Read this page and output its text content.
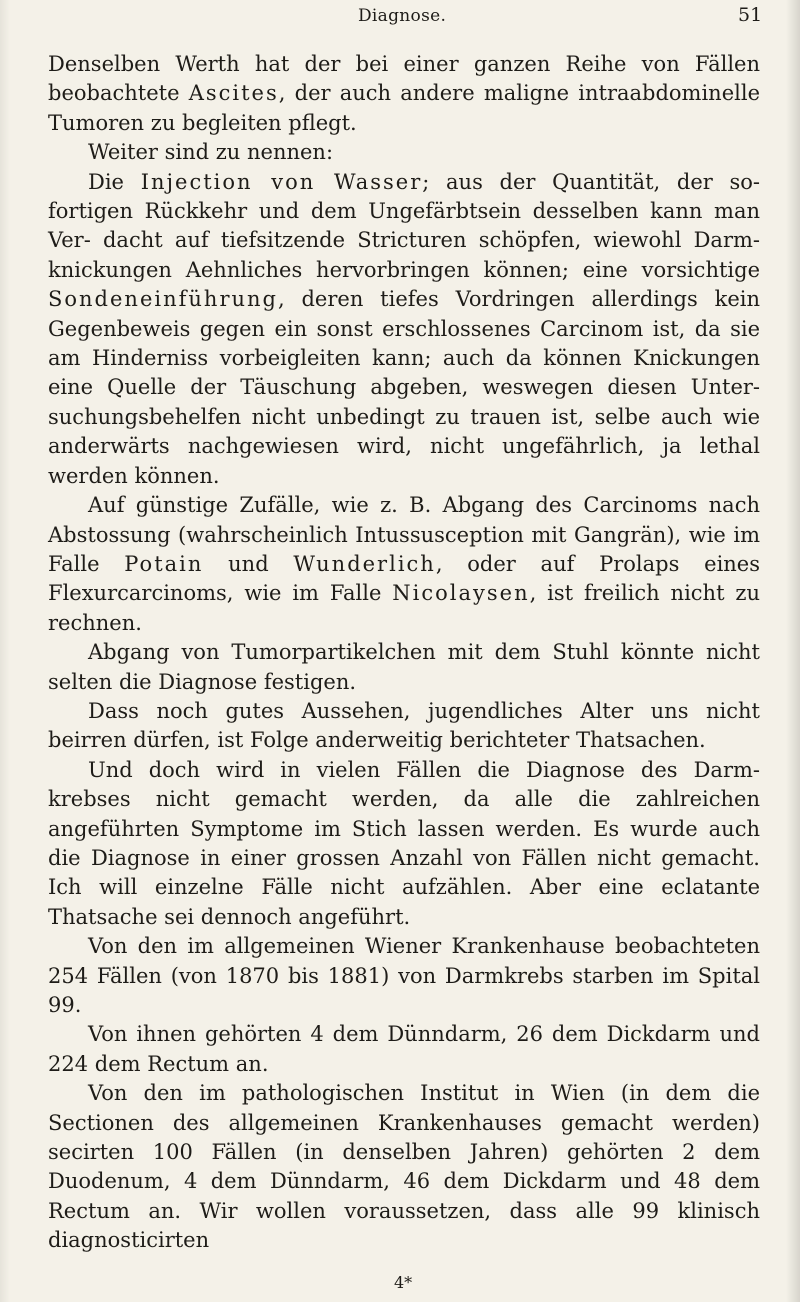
Diagnose.	51

Denselben Werth hat der bei einer ganzen Reihe von Fällen beobachtete Ascites, der auch andere maligne intraabdominelle Tumoren zu begleiten pflegt.

Weiter sind zu nennen:

Die Injection von Wasser; aus der Quantität, der so- fortigen Rückkehr und dem Ungefärbtsein desselben kann man Ver- dacht auf tiefsitzende Stricturen schöpfen, wiewohl Darm- knickungen Aehnliches hervorbringen können; eine vorsichtige Sondeneinführung, deren tiefes Vordringen allerdings kein Gegenbeweis gegen ein sonst erschlossenes Carcinom ist, da sie am Hinderniss vorbeigleiten kann; auch da können Knickungen eine Quelle der Täuschung abgeben, weswegen diesen Unter- suchungsbehelfen nicht unbedingt zu trauen ist, selbe auch wie anderwärts nachgewiesen wird, nicht ungefährlich, ja lethal werden können.

Auf günstige Zufälle, wie z. B. Abgang des Carcinoms nach Abstossung (wahrscheinlich Intussusception mit Gangrän), wie im Falle Potain und Wunderlich, oder auf Prolaps eines Flexurcarcinoms, wie im Falle Nicolaysen, ist freilich nicht zu rechnen.

Abgang von Tumorpartikelchen mit dem Stuhl könnte nicht selten die Diagnose festigen.

Dass noch gutes Aussehen, jugendliches Alter uns nicht beirren dürfen, ist Folge anderweitig berichteter Thatsachen.

Und doch wird in vielen Fällen die Diagnose des Darm- krebses nicht gemacht werden, da alle die zahlreichen angeführten Symptome im Stich lassen werden. Es wurde auch die Diagnose in einer grossen Anzahl von Fällen nicht gemacht. Ich will einzelne Fälle nicht aufzählen. Aber eine eclatante Thatsache sei dennoch angeführt.

Von den im allgemeinen Wiener Krankenhause beobachteten 254 Fällen (von 1870 bis 1881) von Darmkrebs starben im Spital 99.

Von ihnen gehörten 4 dem Dünndarm, 26 dem Dickdarm und 224 dem Rectum an.

Von den im pathologischen Institut in Wien (in dem die Sectionen des allgemeinen Krankenhauses gemacht werden) secirten 100 Fällen (in denselben Jahren) gehörten 2 dem Duodenum, 4 dem Dünndarm, 46 dem Dickdarm und 48 dem Rectum an. Wir wollen voraussetzen, dass alle 99 klinisch diagnosticirten

4*
